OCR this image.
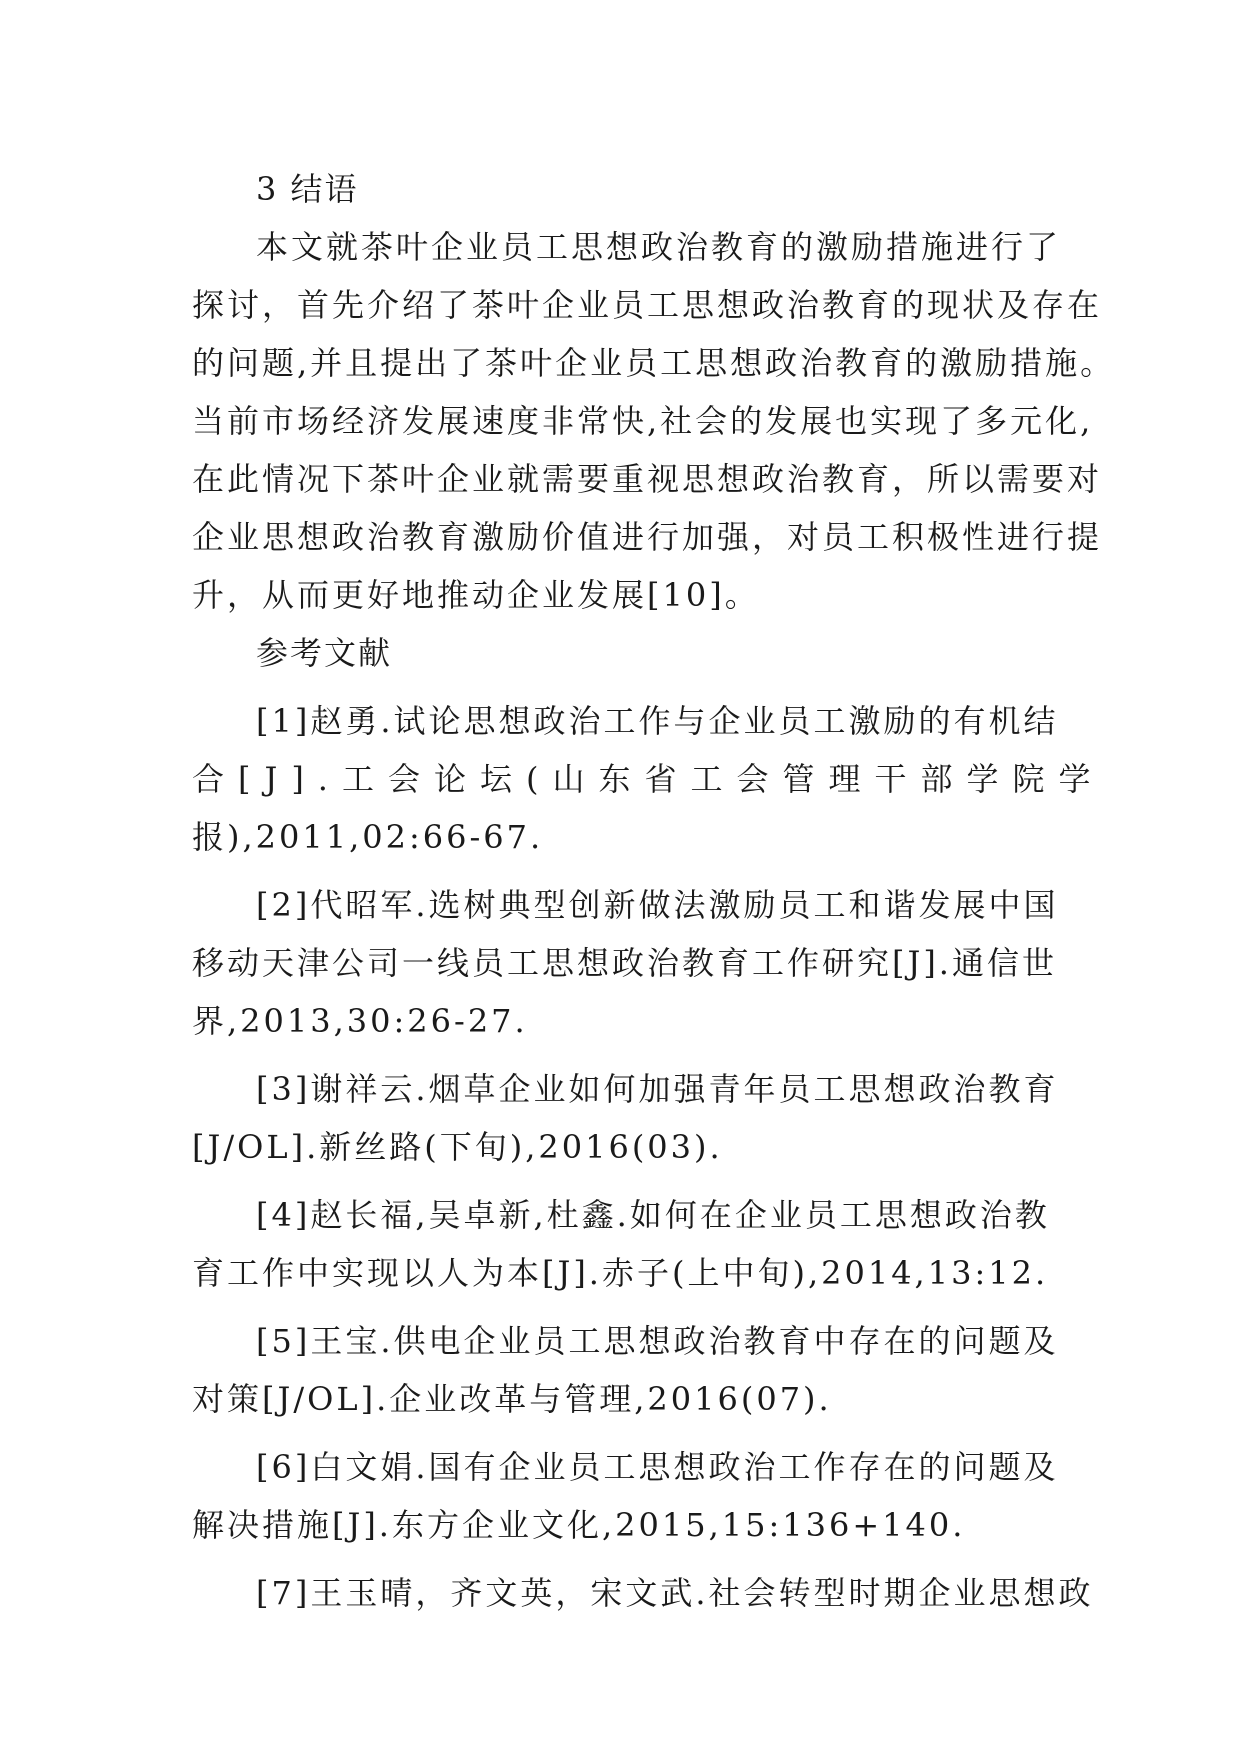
3 结语
本文就茶叶企业员工思想政治教育的激励措施进行了
探讨，首先介绍了茶叶企业员工思想政治教育的现状及存在
的问题,并且提出了茶叶企业员工思想政治教育的激励措施。
当前市场经济发展速度非常快,社会的发展也实现了多元化,
在此情况下茶叶企业就需要重视思想政治教育，所以需要对
企业思想政治教育激励价值进行加强，对员工积极性进行提
升，从而更好地推动企业发展[10]。
参考文献
[1]赵勇.试论思想政治工作与企业员工激励的有机结
合[J].工会论坛(山东省工会管理干部学院学
报),2011,02:66-67.
[2]代昭军.选树典型创新做法激励员工和谐发展中国
移动天津公司一线员工思想政治教育工作研究[J].通信世
界,2013,30:26-27.
[3]谢祥云.烟草企业如何加强青年员工思想政治教育
[J/OL].新丝路(下旬),2016(03).
[4]赵长福,吴卓新,杜鑫.如何在企业员工思想政治教
育工作中实现以人为本[J].赤子(上中旬),2014,13:12.
[5]王宝.供电企业员工思想政治教育中存在的问题及
对策[J/OL].企业改革与管理,2016(07).
[6]白文娟.国有企业员工思想政治工作存在的问题及
解决措施[J].东方企业文化,2015,15:136+140.
[7]王玉晴，齐文英，宋文武.社会转型时期企业思想政
